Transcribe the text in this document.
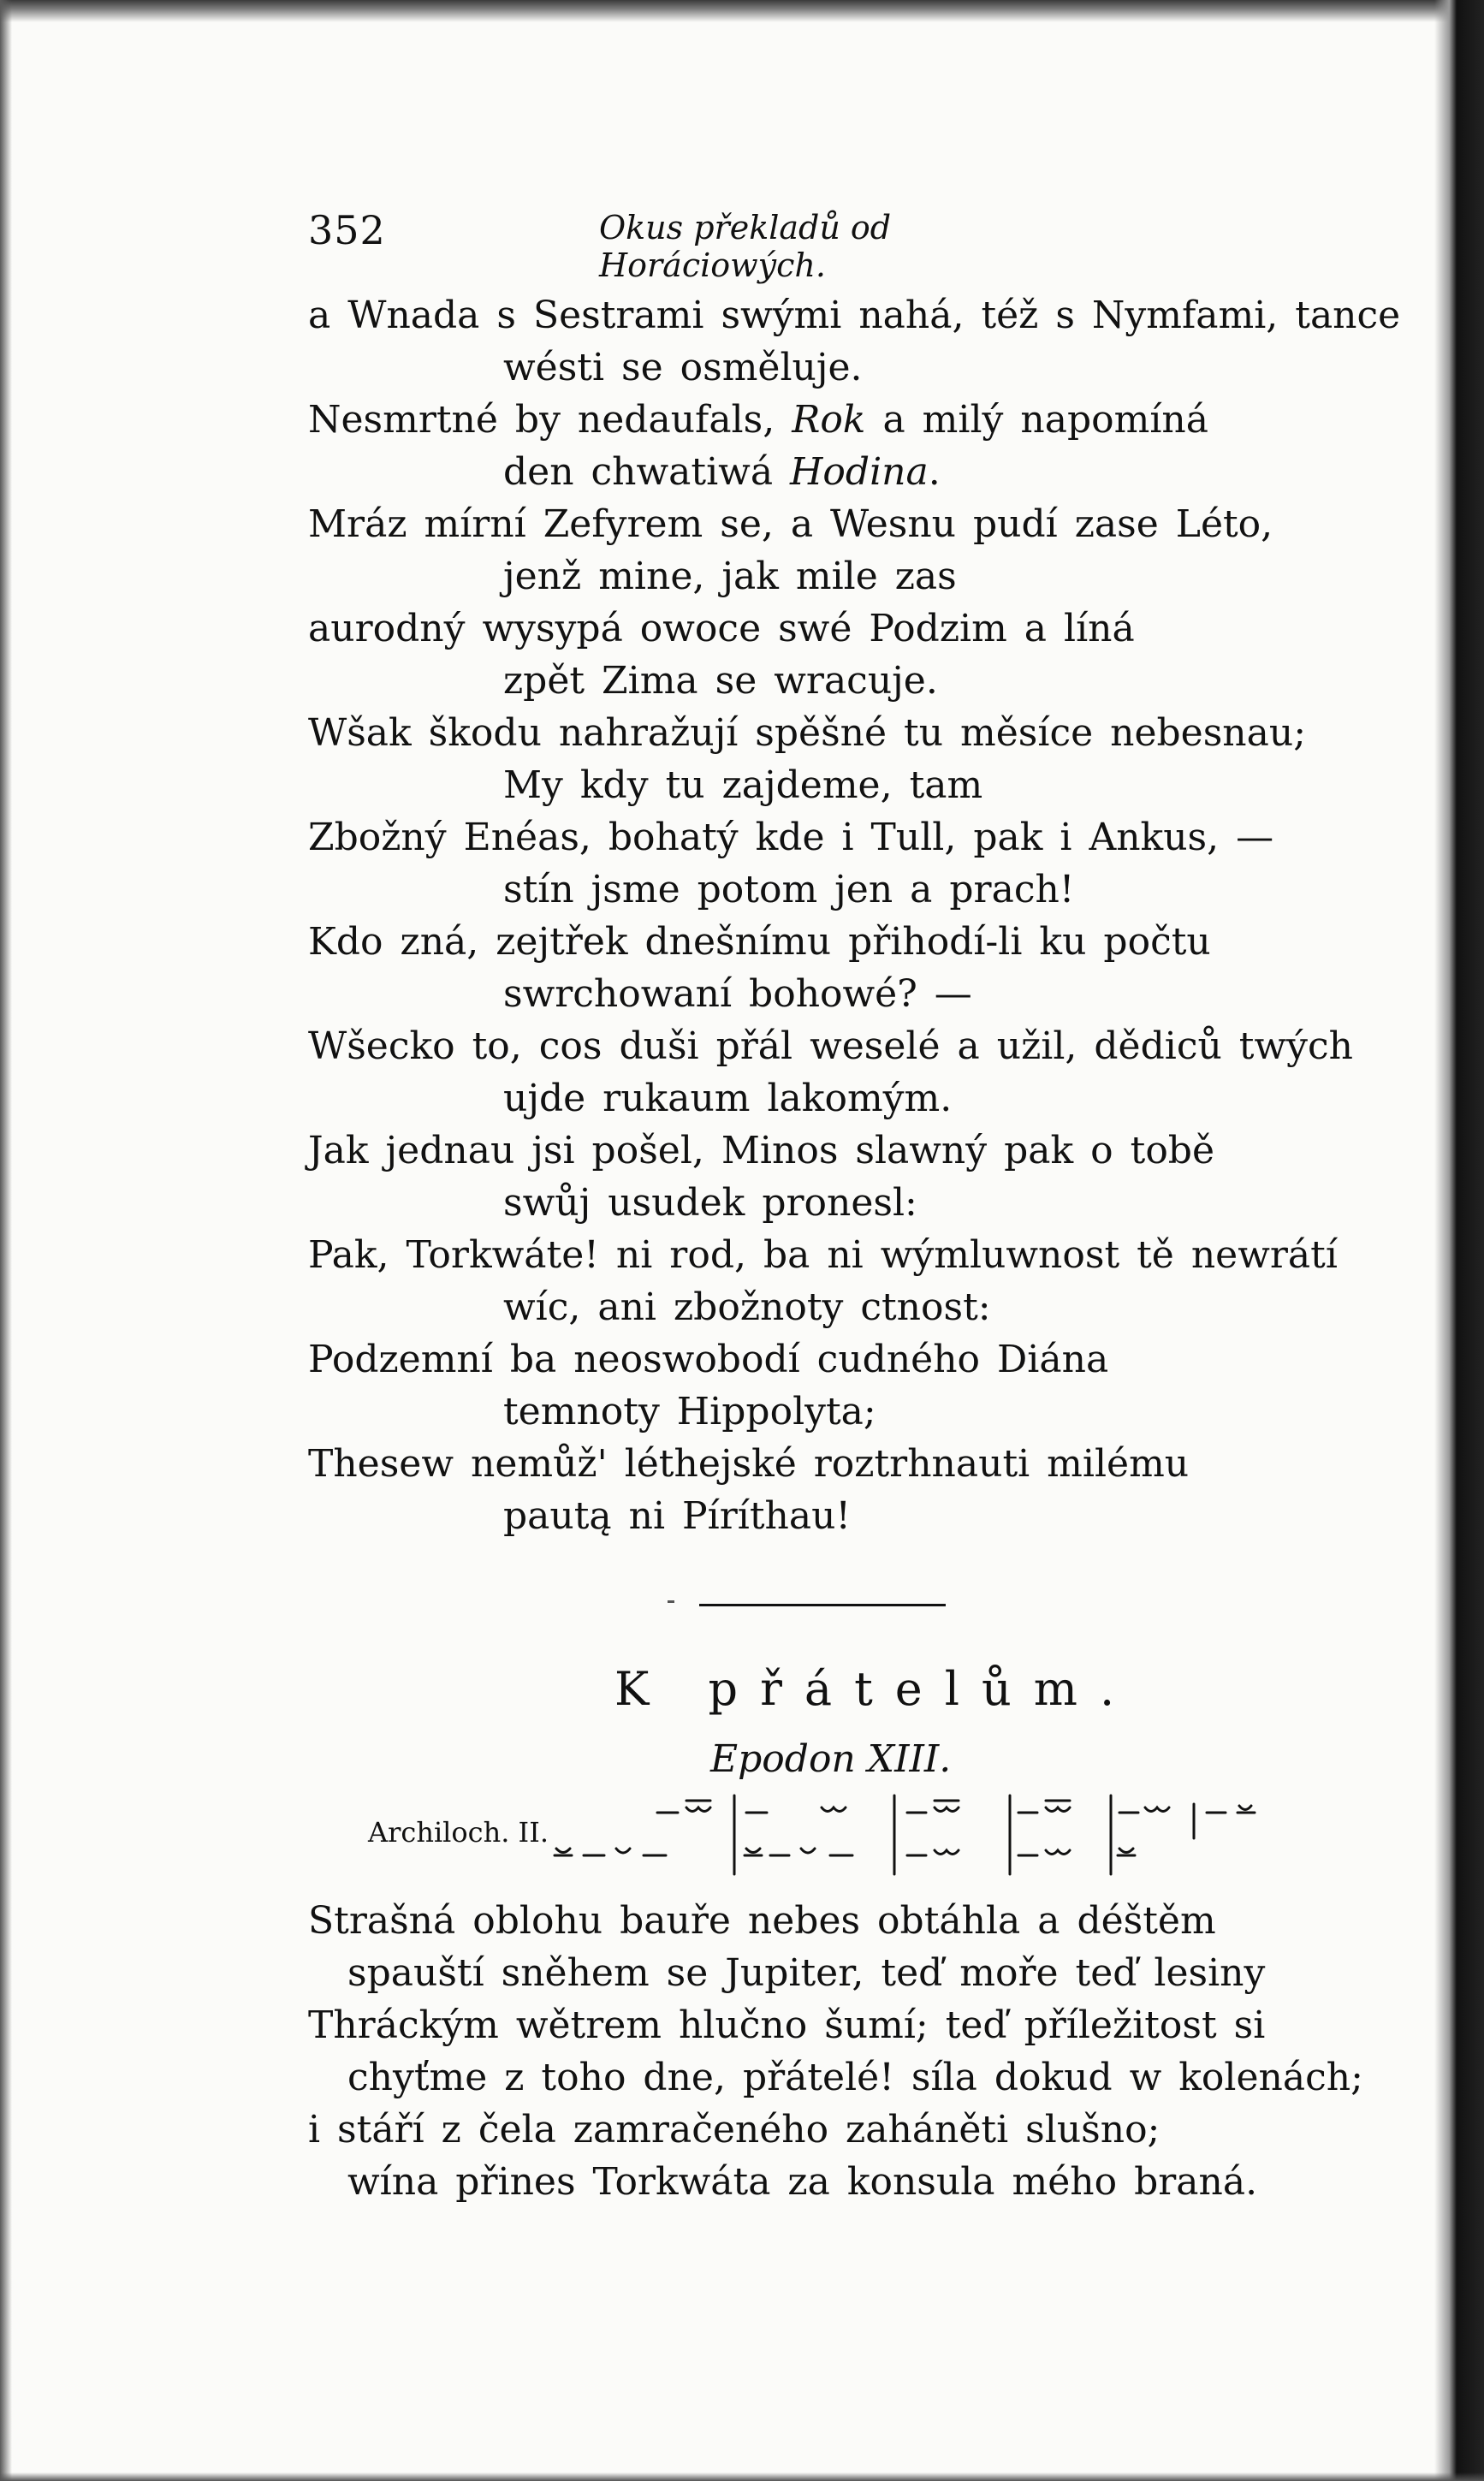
352	Okus překladů od Horáciowých.
a Wnada s Sestrami swými nahá, též s Nymfami, tance
wésti se osměluje.
Nesmrtné by nedaufals, Rok a milý napomíná
den chwatiwá Hodina.
Mráz mírní Zefyrem se, a Wesnu pudí zase Léto,
jenž mine, jak mile zas
aurodný wysypá owoce swé Podzim a líná
zpět Zima se wracuje.
Wšak škodu nahražují spěšné tu měsíce nebesnau;
My kdy tu zajdeme, tam
Zbožný Enéas, bohatý kde i Tull, pak i Ankus, —
stín jsme potom jen a prach!
Kdo zná, zejtřek dnešnímu přihodí-li ku počtu
swrchowaní bohowé? —
Wšecko to, cos duši přál weselé a užil, dědiců twých
ujde rukaum lakomým.
Jak jednau jsi pošel, Minos slawný pak o tobě
swůj usudek pronesl:
Pak, Torkwáte! ni rod, ba ni wýmluwnost tě newrátí
wíc, ani zbožnoty ctnost:
Podzemní ba neoswobodí cudného Diána
temnoty Hippolyta;
Thesew nemůž' léthejské roztrhnauti milému
pautą ni Píríthau!
K přátelům.
Epodon XIII.
Archiloch. II.
Strašná oblohu bauře nebes obtáhla a déštěm
spauští sněhem se Jupiter, teď moře teď lesiny
Thráckým wětrem hlučno šumí; teď příležitost si
chyťme z toho dne, přátelé! síla dokud w kolenách;
i stáří z čela zamračeného zaháněti slušno;
wína přines Torkwáta za konsula mého braná.
